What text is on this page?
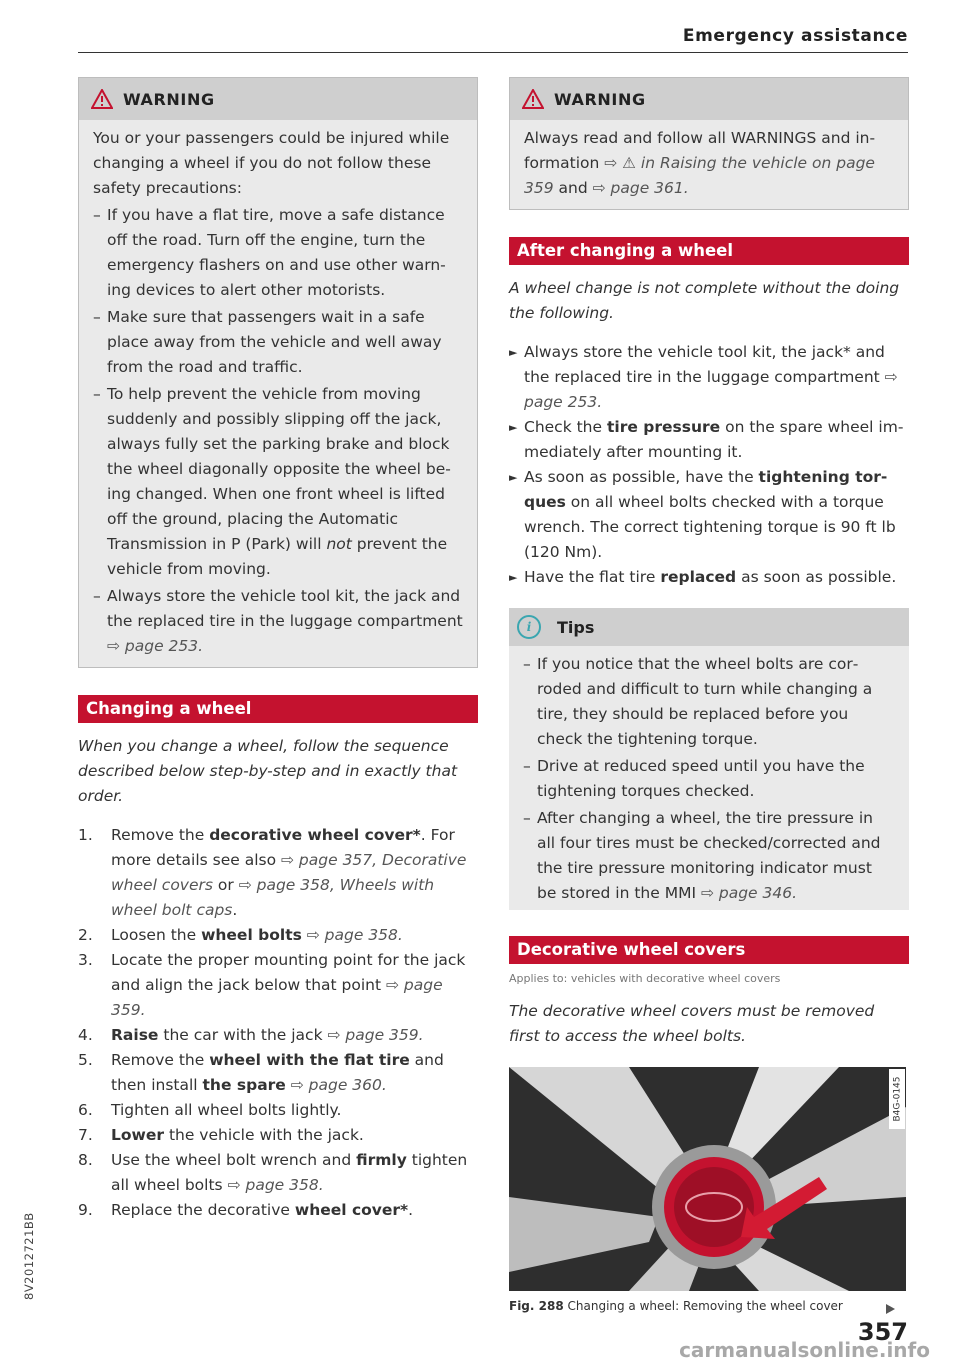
Emergency assistance
WARNING

You or your passengers could be injured while changing a wheel if you do not follow these safety precautions:

– If you have a flat tire, move a safe distance off the road. Turn off the engine, turn the emergency flashers on and use other warning devices to alert other motorists.
– Make sure that passengers wait in a safe place away from the vehicle and well away from the road and traffic.
– To help prevent the vehicle from moving suddenly and possibly slipping off the jack, always fully set the parking brake and block the wheel diagonally opposite the wheel being changed. When one front wheel is lifted off the ground, placing the Automatic Transmission in P (Park) will not prevent the vehicle from moving.
– Always store the vehicle tool kit, the jack and the replaced tire in the luggage compartment ⇨ page 253.
Changing a wheel

When you change a wheel, follow the sequence described below step-by-step and in exactly that order.

1. Remove the decorative wheel cover*. For more details see also ⇨ page 357, Decorative wheel covers or ⇨ page 358, Wheels with wheel bolt caps.
2. Loosen the wheel bolts ⇨ page 358.
3. Locate the proper mounting point for the jack and align the jack below that point ⇨ page 359.
4. Raise the car with the jack ⇨ page 359.
5. Remove the wheel with the flat tire and then install the spare ⇨ page 360.
6. Tighten all wheel bolts lightly.
7. Lower the vehicle with the jack.
8. Use the wheel bolt wrench and firmly tighten all wheel bolts ⇨ page 358.
9. Replace the decorative wheel cover*.
WARNING
Always read and follow all WARNINGS and information ⇨ ⚠ in Raising the vehicle on page 359 and ⇨ page 361.
After changing a wheel

A wheel change is not complete without the doing the following.

► Always store the vehicle tool kit, the jack* and the replaced tire in the luggage compartment ⇨ page 253.
► Check the tire pressure on the spare wheel immediately after mounting it.
► As soon as possible, have the tightening torques on all wheel bolts checked with a torque wrench. The correct tightening torque is 90 ft lb (120 Nm).
► Have the flat tire replaced as soon as possible.
i	Tips
– If you notice that the wheel bolts are corroded and difficult to turn while changing a tire, they should be replaced before you check the tightening torque.
– Drive at reduced speed until you have the tightening torques checked.
– After changing a wheel, the tire pressure in all four tires must be checked/corrected and the tire pressure monitoring indicator must be stored in the MMI ⇨ page 346.
Decorative wheel covers
Applies to: vehicles with decorative wheel covers

The decorative wheel covers must be removed first to access the wheel bolts.

B4G-0145
Fig. 288 Changing a wheel: Removing the wheel cover
8V2012721BB
357
carmanualsonline.info
